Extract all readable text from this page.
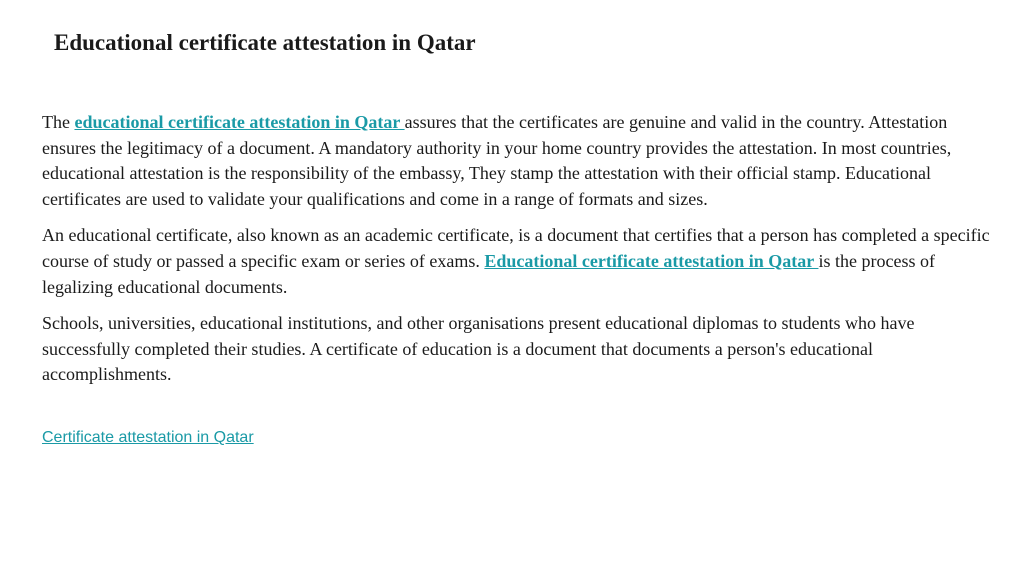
Educational certificate attestation in Qatar

The educational certificate attestation in Qatar assures that the certificates are genuine and valid in the country. Attestation ensures the legitimacy of a document. A mandatory authority in your home country provides the attestation. In most countries, educational attestation is the responsibility of the embassy, They stamp the attestation with their official stamp. Educational certificates are used to validate your qualifications and come in a range of formats and sizes.

An educational certificate, also known as an academic certificate, is a document that certifies that a person has completed a specific course of study or passed a specific exam or series of exams. Educational certificate attestation in Qatar is the process of legalizing educational documents.

Schools, universities, educational institutions, and other organisations present educational diplomas to students who have successfully completed their studies. A certificate of education is a document that documents a person's educational accomplishments.

Certificate attestation in Qatar
